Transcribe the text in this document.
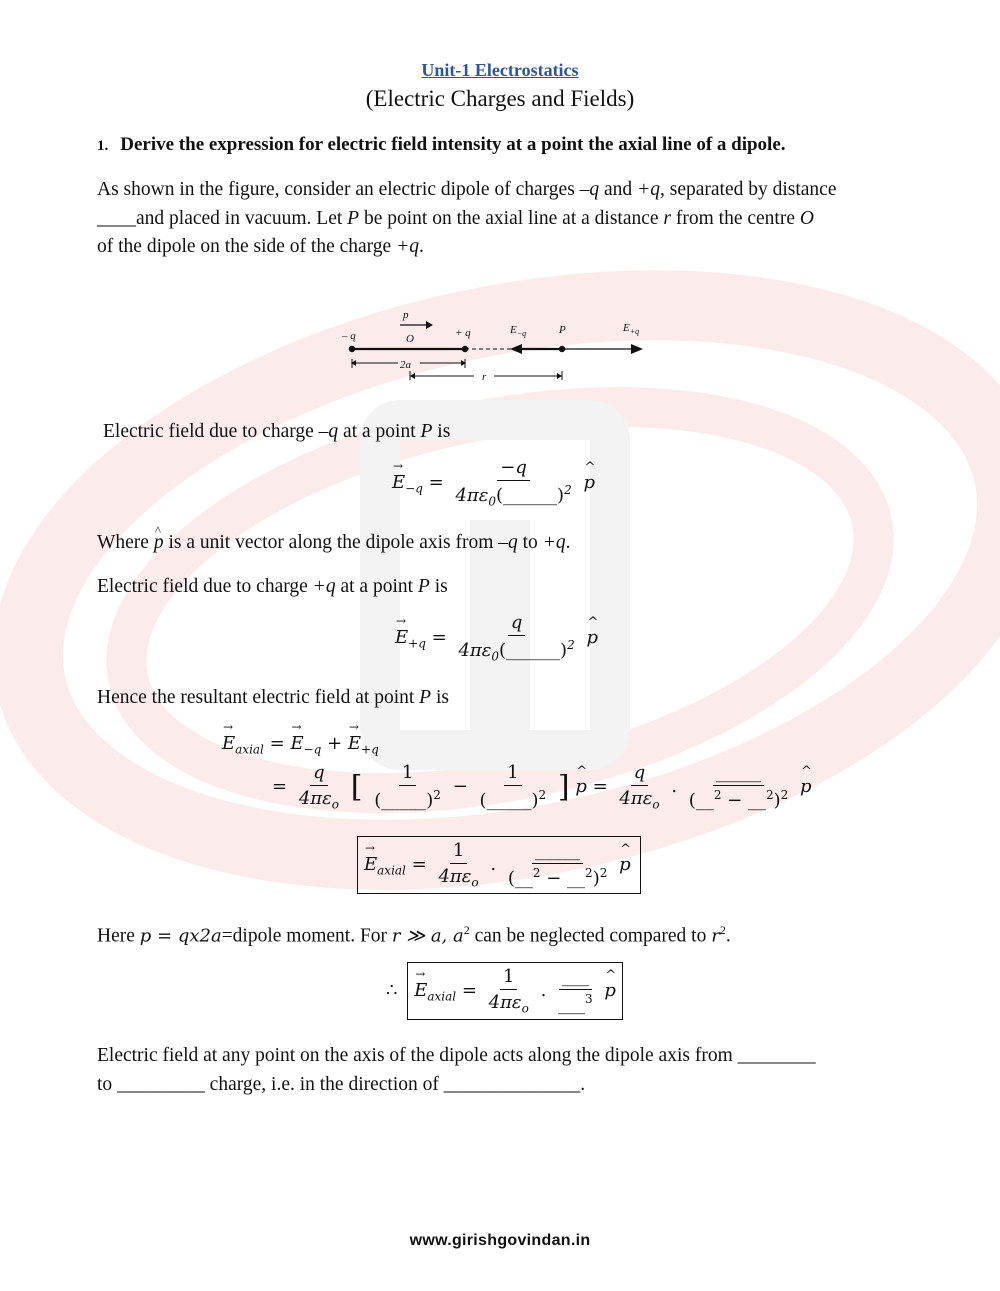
Unit-1 Electrostatics
(Electric Charges and Fields)
1. Derive the expression for electric field intensity at a point the axial line of a dipole.
As shown in the figure, consider an electric dipole of charges –q and +q, separated by distance
____and placed in vacuum. Let P be point on the axial line at a distance r from the centre O
of the dipole on the side of the charge +q.
– q
p
O	+ q	$E_{-q}$	P	$E_{+q}$
2a
r
Electric field due to charge –q at a point P is
→ $E_{-q} = \frac{-q}{4\pi\varepsilon_0(\_\_\_\_\_\_)^2}$ ^ p
Where ^ p is a unit vector along the dipole axis from –q to +q.
Electric field due to charge +q at a point P is
→ $E_{+q} = \frac{q}{4\pi\varepsilon_0(\_\_\_\_\_\_)^2}$ ^ p
Hence the resultant electric field at point P is
→ $E_{axial}$ = → $E_{-q}$ + → $E_{+q}$
= $\frac{q}{4\pi\varepsilon_o}$ [ $\frac{1}{(\_\_\_\_\_)^2} - \frac{1}{(\_\_\_\_\_)^2}$ ] ^ $p = \frac{q}{4\pi\varepsilon_o}$ . $\frac{\_\_\_\_\_}{(\_\_^2 - \_\_^2)^2}$ ^ p
→ $E_{axial} = \frac{1}{4\pi\varepsilon_o}$ . $\frac{\_\_\_\_\_}{(\_\_^2 - \_\_^2)^2}$ ^ p
Here p = qx2a=dipole moment. For r ≫ a, $a^2$ can be neglected compared to $r^2$.
∴ → $E_{axial} = \frac{1}{4\pi\varepsilon_o}$ . $\frac{\_\_\_}{\_\_\_^3}$ ^ p
Electric field at any point on the axis of the dipole acts along the dipole axis from ________
to _________ charge, i.e. in the direction of ______________.
www.girishgovindan.in
